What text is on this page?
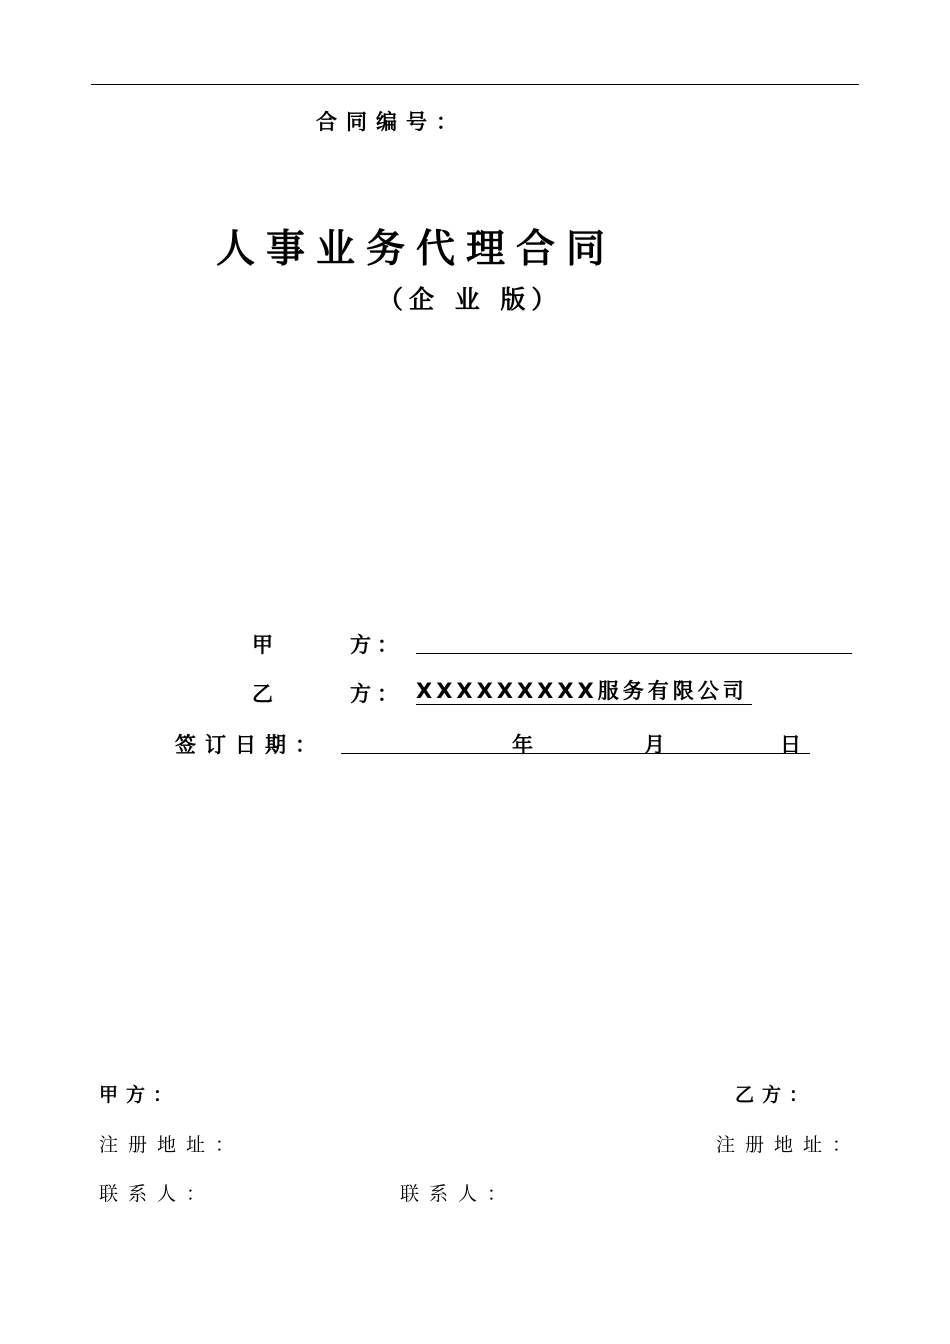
合同编号：
人事业务代理合同
（企 业 版）
甲	方：
乙	方： XXXXXXXXX服务有限公司
签订日期：	年	月	日
甲方：	乙方：
注册地址：	注册地址：
联系人：	联系人：
